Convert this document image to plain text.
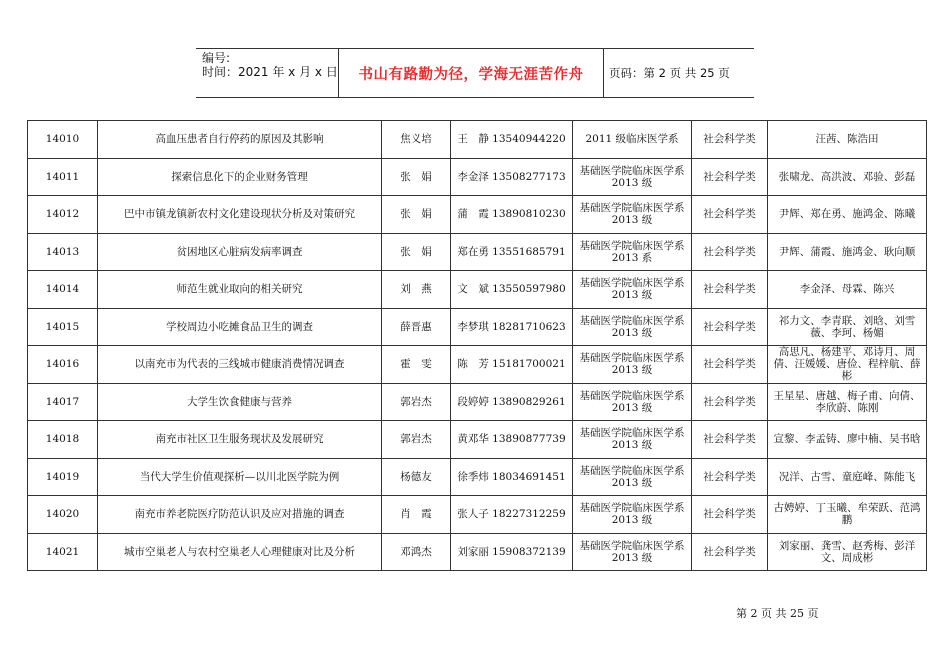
编号:
时间：2021 年 x 月 x 日 书山有路勤为径，学海无涯苦作舟 页码：第 2 页 共 25 页
14010	高血压患者自行停药的原因及其影响	焦义培	王　静 13540944220	2011 级临床医学系	社会科学类	汪茜、陈浩田
14011	探索信息化下的企业财务管理	张　娟	李金泽 13508277173	基础医学院临床医学系 2013 级	社会科学类	张啸龙、高洪波、邓验、彭磊
14012	巴中市镇龙镇新农村文化建设现状分析及对策研究	张　娟	蒲　霞 13890810230	基础医学院临床医学系 2013 级	社会科学类	尹辉、郑在勇、施鸿金、陈曦
14013	贫困地区心脏病发病率调查	张　娟	郑在勇 13551685791	基础医学院临床医学系 2013 系	社会科学类	尹辉、蒲霞、施鸿金、耿向顺
14014	师范生就业取向的相关研究	刘　燕	文　斌 13550597980	基础医学院临床医学系 2013 级	社会科学类	李金泽、母霖、陈兴
14015	学校周边小吃摊食品卫生的调查	薛晋惠	李梦琪 18281710623	基础医学院临床医学系 2013 级	社会科学类	祁力文、李青联、刘晗、刘雪薇、李珂、杨媚
14016	以南充市为代表的三线城市健康消费情况调查	霍　雯	陈　芳 15181700021	基础医学院临床医学系 2013 级	社会科学类	高思凡、杨建平、邓诗月、周倩、汪媛媛、唐俭、程梓航、薛彬
14017	大学生饮食健康与营养	郭岩杰	段婷婷 13890829261	基础医学院临床医学系 2013 级	社会科学类	王星星、唐越、梅子甫、向倩、李欣蔚、陈刚
14018	南充市社区卫生服务现状及发展研究	郭岩杰	黄邓华 13890877739	基础医学院临床医学系 2013 级	社会科学类	宣黎、李孟铸、廖中楠、吴书晗
14019	当代大学生价值观探析—以川北医学院为例	杨德友	徐季炜 18034691451	基础医学院临床医学系 2013 级	社会科学类	况洋、古雪、童庭峰、陈能飞
14020	南充市养老院医疗防范认识及应对措施的调查	肖　霞	张人子 18227312259	基础医学院临床医学系 2013 级	社会科学类	古娉婷、丁玉曦、牟荣跃、范鸿鹏
14021	城市空巢老人与农村空巢老人心理健康对比及分析	邓鸿杰	刘家丽 15908372139	基础医学院临床医学系 2013 级	社会科学类	刘家丽、龚雪、赵秀梅、彭洋文、周成彬
第 2 页 共 25 页
